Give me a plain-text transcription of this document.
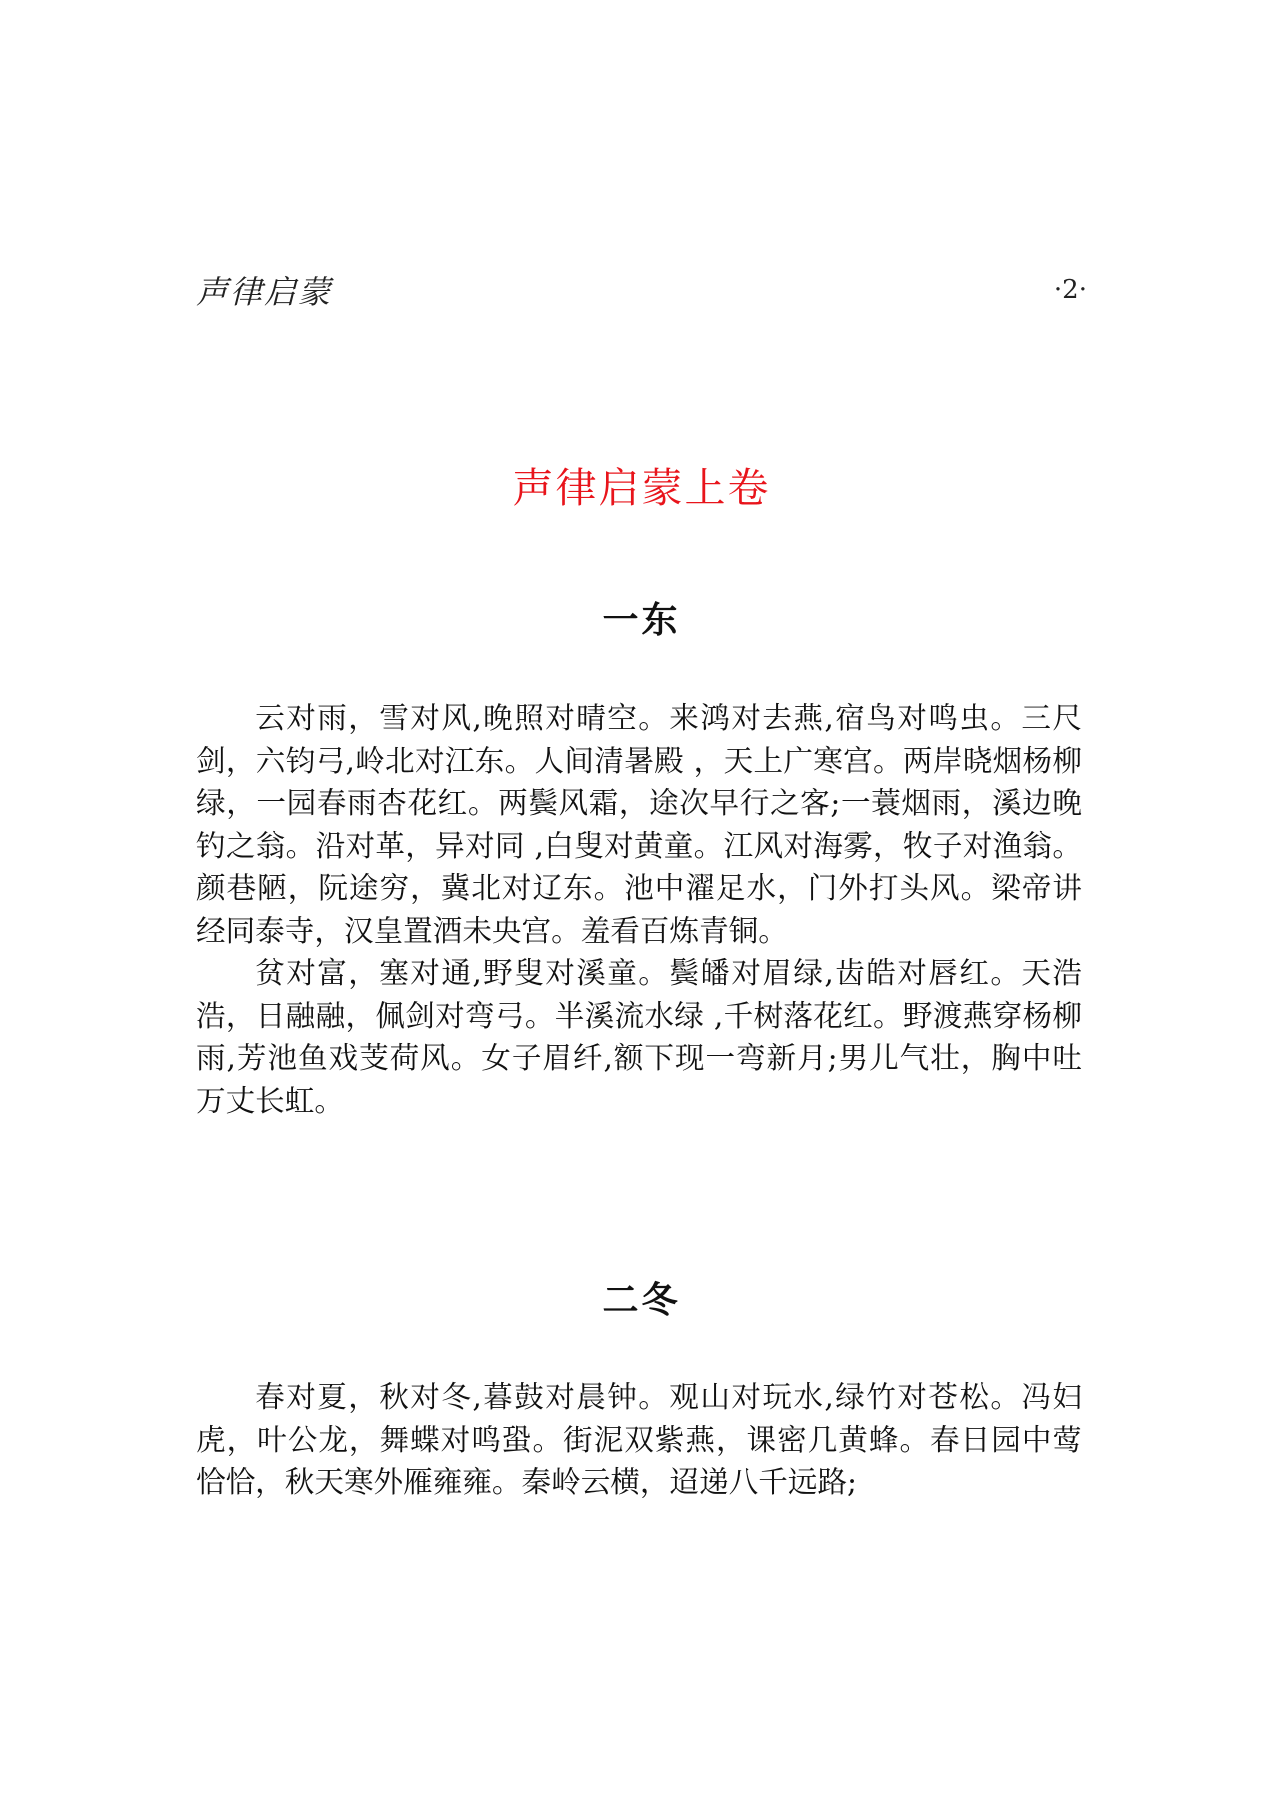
声律启蒙	·2·
声律启蒙上卷
一东

云对雨，雪对风,晚照对晴空。来鸿对去燕,宿鸟对鸣虫。三尺剑，六钧弓,岭北对江东。人间清暑殿 ，天上广寒宫。两岸晓烟杨柳绿，一园春雨杏花红。两鬓风霜，途次早行之客;一蓑烟雨，溪边晚钓之翁。沿对革，异对同 ,白叟对黄童。江风对海雾，牧子对渔翁。颜巷陋，阮途穷，冀北对辽东。池中濯足水，门外打头风。梁帝讲经同泰寺，汉皇置酒未央宫。羞看百炼青铜。

贫对富，塞对通,野叟对溪童。鬓皤对眉绿,齿皓对唇红。天浩浩，日融融，佩剑对弯弓。半溪流水绿 ,千树落花红。野渡燕穿杨柳雨,芳池鱼戏芰荷风。女子眉纤,额下现一弯新月;男儿气壮，胸中吐万丈长虹。

二冬

春对夏，秋对冬,暮鼓对晨钟。观山对玩水,绿竹对苍松。冯妇虎，叶公龙，舞蝶对鸣蛩。街泥双紫燕，课密几黄蜂。春日园中莺恰恰，秋天寒外雁雍雍。秦岭云横，迢递八千远路;
